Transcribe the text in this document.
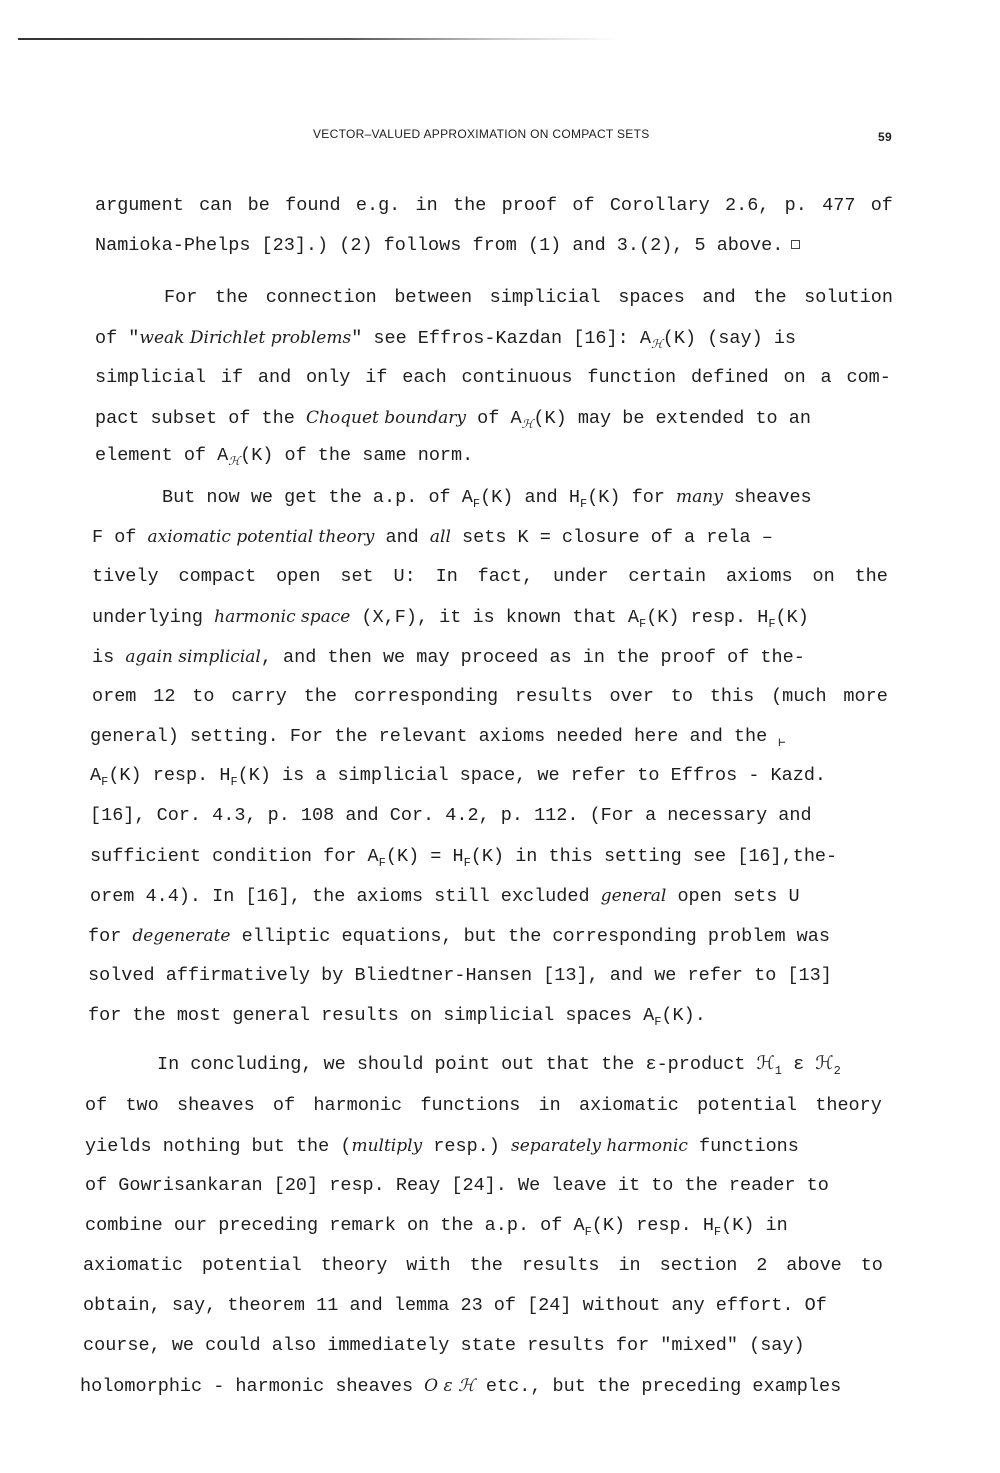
VECTOR–VALUED APPROXIMATION ON COMPACT SETS	59
argument can be found e.g. in the proof of Corollary 2.6, p. 477 of
Namioka-Phelps [23].) (2) follows from (1) and 3.(2), 5 above.
For the connection between simplicial spaces and the solution
of "weak Dirichlet problems" see Effros-Kazdan [16]: $A_ℋ(K)$ (say) is
simplicial if and only if each continuous function defined on a com-
pact subset of the Choquet boundary of $A_ℋ(K)$ may be extended to an
element of $A_ℋ(K)$ of the same norm.
But now we get the a.p. of $A_F(K)$ and $H_F(K)$ for many sheaves
F of axiomatic potential theory and all sets K = closure of a rela –
tively compact open set U: In fact, under certain axioms on the
underlying harmonic space (X,F), it is known that $A_F(K)$ resp. $H_F(K)$
is again simplicial, and then we may proceed as in the proof of the-
orem 12 to carry the corresponding results over to this (much more
general) setting. For the relevant axioms needed here and the $_⊢$
$A_F(K)$ resp. $H_F(K)$ is a simplicial space, we refer to Effros - Kazd.
[16], Cor. 4.3, p. 108 and Cor. 4.2, p. 112. (For a necessary and
sufficient condition for $A_F(K) = H_F(K)$ in this setting see [16],the-
orem 4.4). In [16], the axioms still excluded general open sets U
for degenerate elliptic equations, but the corresponding problem was
solved affirmatively by Bliedtner-Hansen [13], and we refer to [13]
for the most general results on simplicial spaces $A_F(K)$.
In concluding, we should point out that the ε-product ℋ$_1$ ε ℋ$_2$
of two sheaves of harmonic functions in axiomatic potential theory
yields nothing but the (multiply resp.) separately harmonic functions
of Gowrisankaran [20] resp. Reay [24]. We leave it to the reader to
combine our preceding remark on the a.p. of $A_F(K)$ resp. $H_F(K)$ in
axiomatic potential theory with the results in section 2 above to
obtain, say, theorem 11 and lemma 23 of [24] without any effort. Of
course, we could also immediately state results for "mixed" (say)
holomorphic - harmonic sheaves O ε ℋ etc., but the preceding examples
